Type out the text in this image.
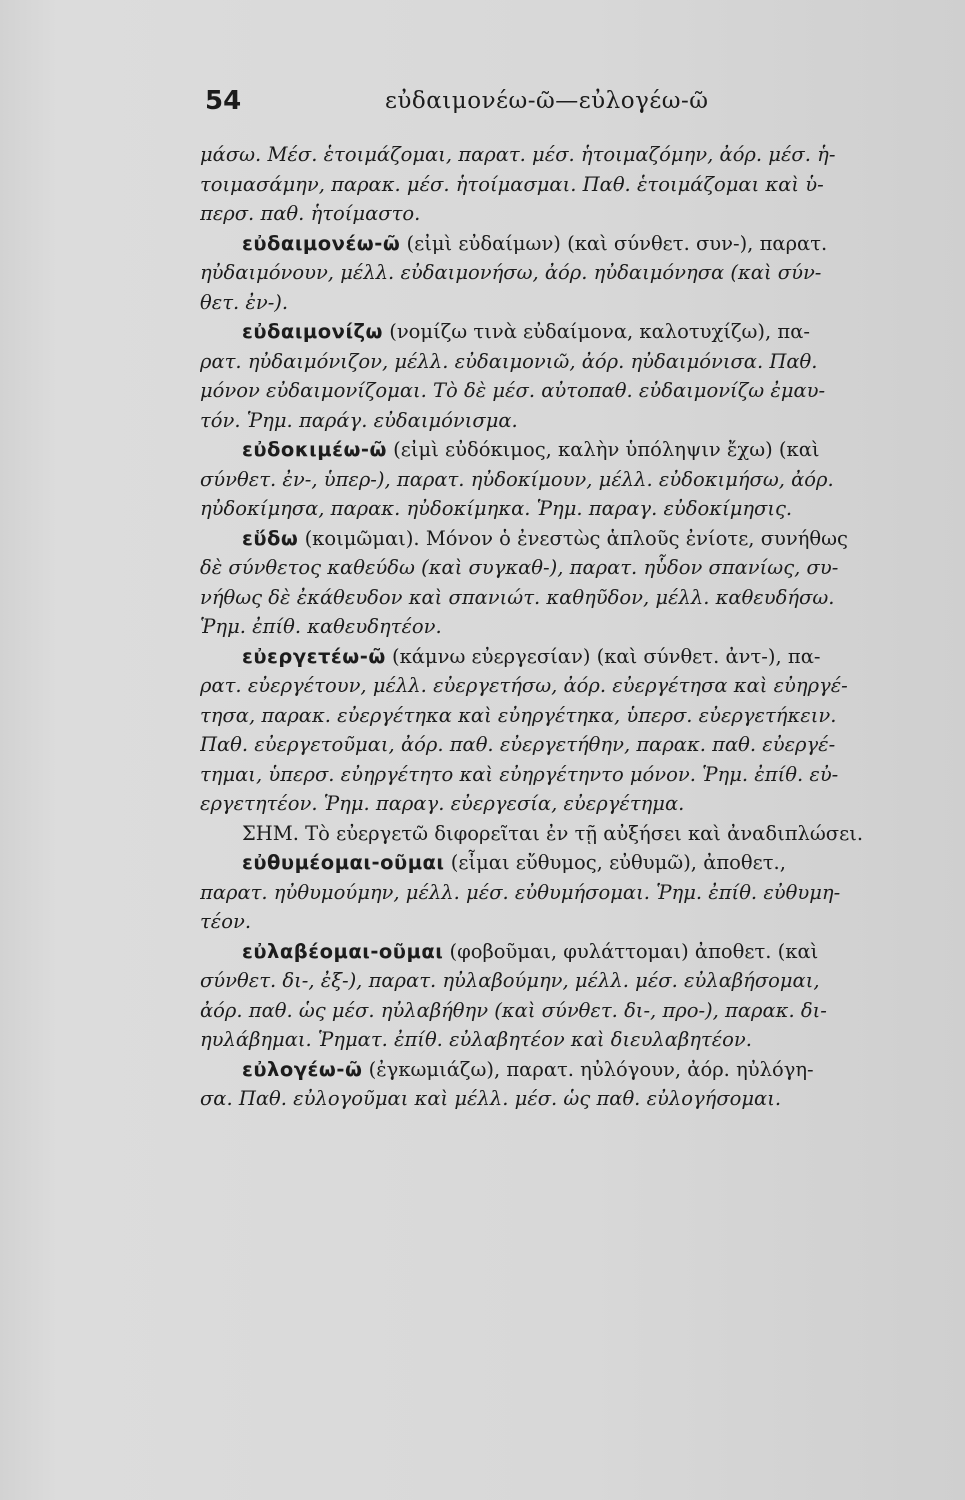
54	εὐδαιμονέω-ῶ—εὐλογέω-ῶ
μάσω. Μέσ. ἑτοιμάζομαι, παρατ. μέσ. ἡτοιμαζόμην, ἀόρ. μέσ. ἡ-
τοιμασάμην, παρακ. μέσ. ἡτοίμασμαι. Παθ. ἑτοιμάζομαι καὶ ὑ-
περσ. παθ. ἡτοίμαστο.
εὐδαιμονέω-ῶ (εἰμὶ εὐδαίμων) (καὶ σύνθετ. συν-), παρατ.
ηὐδαιμόνουν, μέλλ. εὐδαιμονήσω, ἀόρ. ηὐδαιμόνησα (καὶ σύν-
θετ. ἐν-).
εὐδαιμονίζω (νομίζω τινὰ εὐδαίμονα, καλοτυχίζω), πα-
ρατ. ηὐδαιμόνιζον, μέλλ. εὐδαιμονιῶ, ἀόρ. ηὐδαιμόνισα. Παθ.
μόνον εὐδαιμονίζομαι. Τὸ δὲ μέσ. αὐτοπαθ. εὐδαιμονίζω ἐμαυ-
τόν. Ῥημ. παράγ. εὐδαιμόνισμα.
εὐδοκιμέω-ῶ (εἰμὶ εὐδόκιμος, καλὴν ὑπόληψιν ἔχω) (καὶ
σύνθετ. ἐν-, ὑπερ-), παρατ. ηὐδοκίμουν, μέλλ. εὐδοκιμήσω, ἀόρ.
ηὐδοκίμησα, παρακ. ηὐδοκίμηκα. Ῥημ. παραγ. εὐδοκίμησις.
εὕδω (κοιμῶμαι). Μόνον ὁ ἐνεστὼς ἁπλοῦς ἐνίοτε, συνήθως
δὲ σύνθετος καθεύδω (καὶ συγκαθ-), παρατ. ηὗδον σπανίως, συ-
νήθως δὲ ἐκάθευδον καὶ σπανιώτ. καθηῦδον, μέλλ. καθευδήσω.
Ῥημ. ἐπίθ. καθευδητέον.
εὐεργετέω-ῶ (κάμνω εὐεργεσίαν) (καὶ σύνθετ. ἀντ-), πα-
ρατ. εὐεργέτουν, μέλλ. εὐεργετήσω, ἀόρ. εὐεργέτησα καὶ εὐηργέ-
τησα, παρακ. εὐεργέτηκα καὶ εὐηργέτηκα, ὑπερσ. εὐεργετήκειν.
Παθ. εὐεργετοῦμαι, ἀόρ. παθ. εὐεργετήθην, παρακ. παθ. εὐεργέ-
τημαι, ὑπερσ. εὐηργέτητο καὶ εὐηργέτηντο μόνον. Ῥημ. ἐπίθ. εὐ-
εργετητέον. Ῥημ. παραγ. εὐεργεσία, εὐεργέτημα.
ΣΗΜ. Τὸ εὐεργετῶ διφορεῖται ἐν τῇ αὐξήσει καὶ ἀναδιπλώσει.
εὐθυμέομαι-οῦμαι (εἶμαι εὔθυμος, εὐθυμῶ), ἀποθετ.,
παρατ. ηὐθυμούμην, μέλλ. μέσ. εὐθυμήσομαι. Ῥημ. ἐπίθ. εὐθυμη-
τέον.
εὐλαβέομαι-οῦμαι (φοβοῦμαι, φυλάττομαι) ἀποθετ. (καὶ
σύνθετ. δι-, ἐξ-), παρατ. ηὐλαβούμην, μέλλ. μέσ. εὐλαβήσομαι,
ἀόρ. παθ. ὡς μέσ. ηὐλαβήθην (καὶ σύνθετ. δι-, προ-), παρακ. δι-
ηυλάβημαι. Ῥηματ. ἐπίθ. εὐλαβητέον καὶ διευλαβητέον.
εὐλογέω-ῶ (ἐγκωμιάζω), παρατ. ηὐλόγουν, ἀόρ. ηὐλόγη-
σα. Παθ. εὐλογοῦμαι καὶ μέλλ. μέσ. ὡς παθ. εὐλογήσομαι.
